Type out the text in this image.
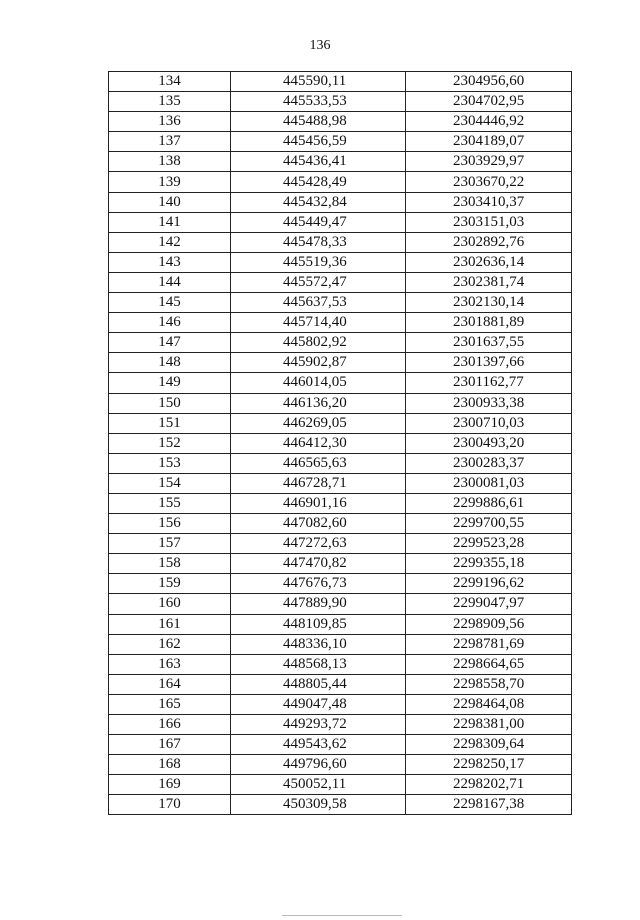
136
134	445590,11	2304956,60
135	445533,53	2304702,95
136	445488,98	2304446,92
137	445456,59	2304189,07
138	445436,41	2303929,97
139	445428,49	2303670,22
140	445432,84	2303410,37
141	445449,47	2303151,03
142	445478,33	2302892,76
143	445519,36	2302636,14
144	445572,47	2302381,74
145	445637,53	2302130,14
146	445714,40	2301881,89
147	445802,92	2301637,55
148	445902,87	2301397,66
149	446014,05	2301162,77
150	446136,20	2300933,38
151	446269,05	2300710,03
152	446412,30	2300493,20
153	446565,63	2300283,37
154	446728,71	2300081,03
155	446901,16	2299886,61
156	447082,60	2299700,55
157	447272,63	2299523,28
158	447470,82	2299355,18
159	447676,73	2299196,62
160	447889,90	2299047,97
161	448109,85	2298909,56
162	448336,10	2298781,69
163	448568,13	2298664,65
164	448805,44	2298558,70
165	449047,48	2298464,08
166	449293,72	2298381,00
167	449543,62	2298309,64
168	449796,60	2298250,17
169	450052,11	2298202,71
170	450309,58	2298167,38
